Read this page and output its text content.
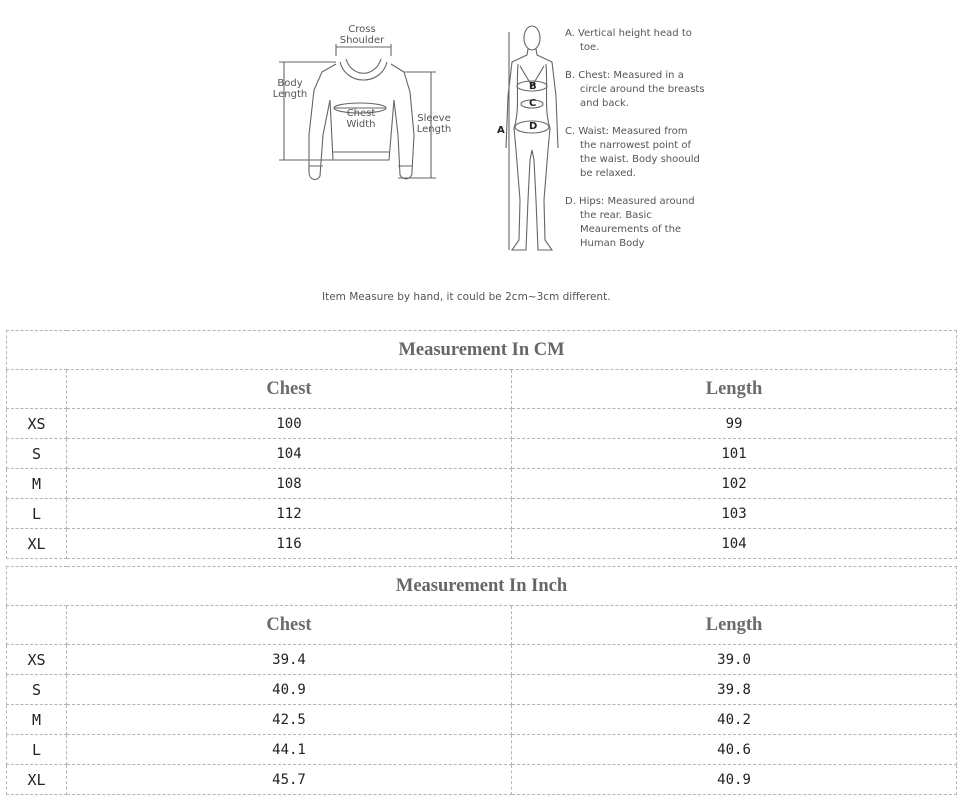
Cross
Shoulder
Body
Length
Chest
Width
Sleeve
Length	A
B
C
D

A. Vertical height head to toe.

B. Chest: Measured in a circle around the breasts and back.

C. Waist: Measured from the narrowest point of the waist. Body shoould be relaxed.

D. Hips: Measured around the rear. Basic Meaurements of the Human Body

Item Measure by hand, it could be 2cm~3cm different.
Measurement In CM		
	Chest	Length
XS	100	99
S	104	101
M	108	102
L	112	103
XL	116	104
Measurement In Inch		
	Chest	Length
XS	39.4	39.0
S	40.9	39.8
M	42.5	40.2
L	44.1	40.6
XL	45.7	40.9
